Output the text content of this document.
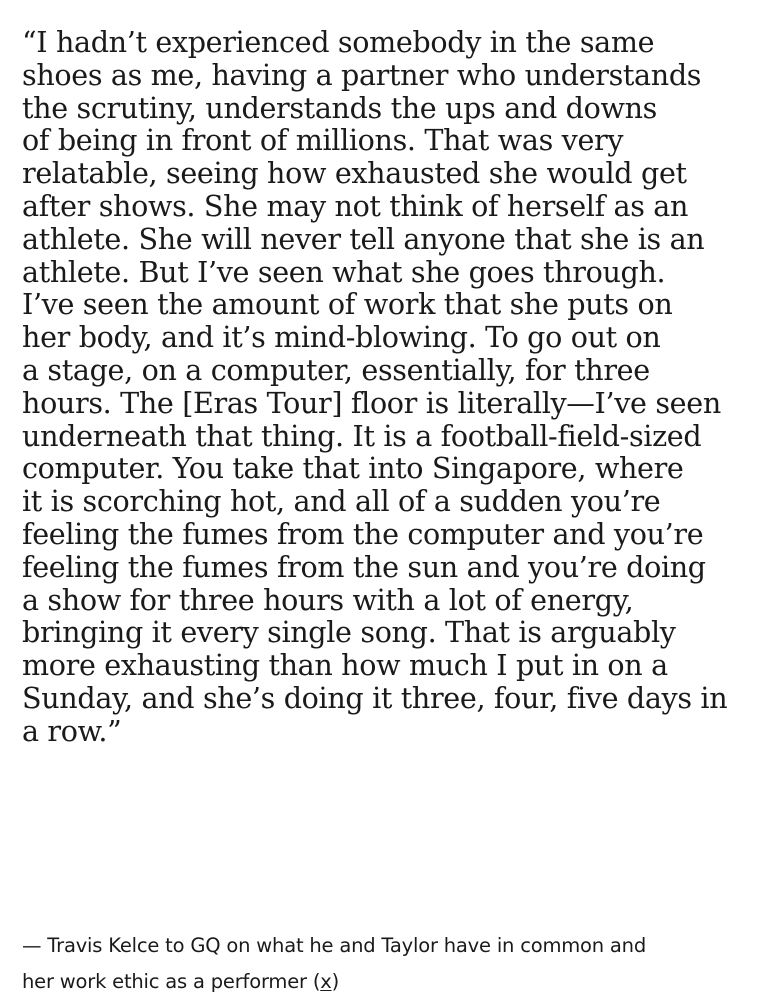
“I hadn’t experienced somebody in the same
shoes as me, having a partner who understands
the scrutiny, understands the ups and downs
of being in front of millions. That was very
relatable, seeing how exhausted she would get
after shows. She may not think of herself as an
athlete. She will never tell anyone that she is an
athlete. But I’ve seen what she goes through.
I’ve seen the amount of work that she puts on
her body, and it’s mind-blowing. To go out on
a stage, on a computer, essentially, for three
hours. The [Eras Tour] floor is literally—I’ve seen
underneath that thing. It is a football-field-sized
computer. You take that into Singapore, where
it is scorching hot, and all of a sudden you’re
feeling the fumes from the computer and you’re
feeling the fumes from the sun and you’re doing
a show for three hours with a lot of energy,
bringing it every single song. That is arguably
more exhausting than how much I put in on a
Sunday, and she’s doing it three, four, five days in
a row.”
— Travis Kelce to GQ on what he and Taylor have in common and
her work ethic as a performer (x)
